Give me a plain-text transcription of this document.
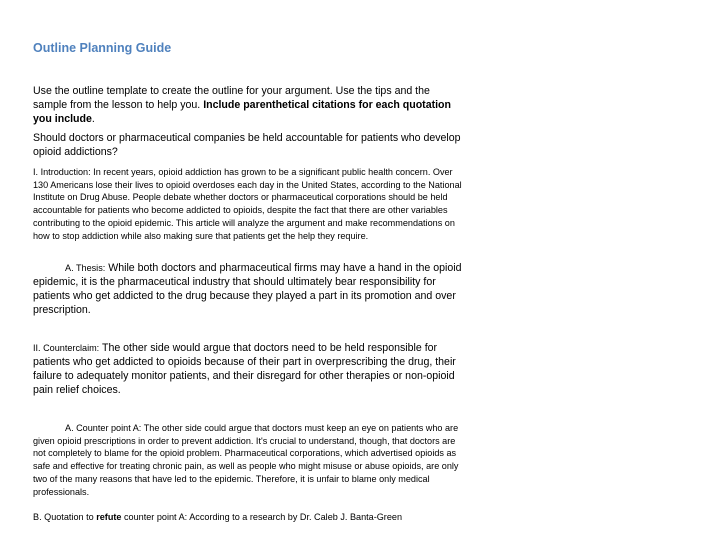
Outline Planning Guide

Use the outline template to create the outline for your argument. Use the tips and the sample from the lesson to help you. Include parenthetical citations for each quotation you include.

Should doctors or pharmaceutical companies be held accountable for patients who develop opioid addictions?

I. Introduction: In recent years, opioid addiction has grown to be a significant public health concern. Over 130 Americans lose their lives to opioid overdoses each day in the United States, according to the National Institute on Drug Abuse. People debate whether doctors or pharmaceutical corporations should be held accountable for patients who become addicted to opioids, despite the fact that there are other variables contributing to the opioid epidemic. This article will analyze the argument and make recommendations on how to stop addiction while also making sure that patients get the help they require.

A. Thesis: While both doctors and pharmaceutical firms may have a hand in the opioid epidemic, it is the pharmaceutical industry that should ultimately bear responsibility for patients who get addicted to the drug because they played a part in its promotion and over prescription.

II. Counterclaim: The other side would argue that doctors need to be held responsible for patients who get addicted to opioids because of their part in overprescribing the drug, their failure to adequately monitor patients, and their disregard for other therapies or non-opioid pain relief choices.

A. Counter point A: The other side could argue that doctors must keep an eye on patients who are given opioid prescriptions in order to prevent addiction. It's crucial to understand, though, that doctors are not completely to blame for the opioid problem. Pharmaceutical corporations, which advertised opioids as safe and effective for treating chronic pain, as well as people who might misuse or abuse opioids, are only two of the many reasons that have led to the epidemic. Therefore, it is unfair to blame only medical professionals.

B. Quotation to refute counter point A: According to a research by Dr. Caleb J. Banta-Green
